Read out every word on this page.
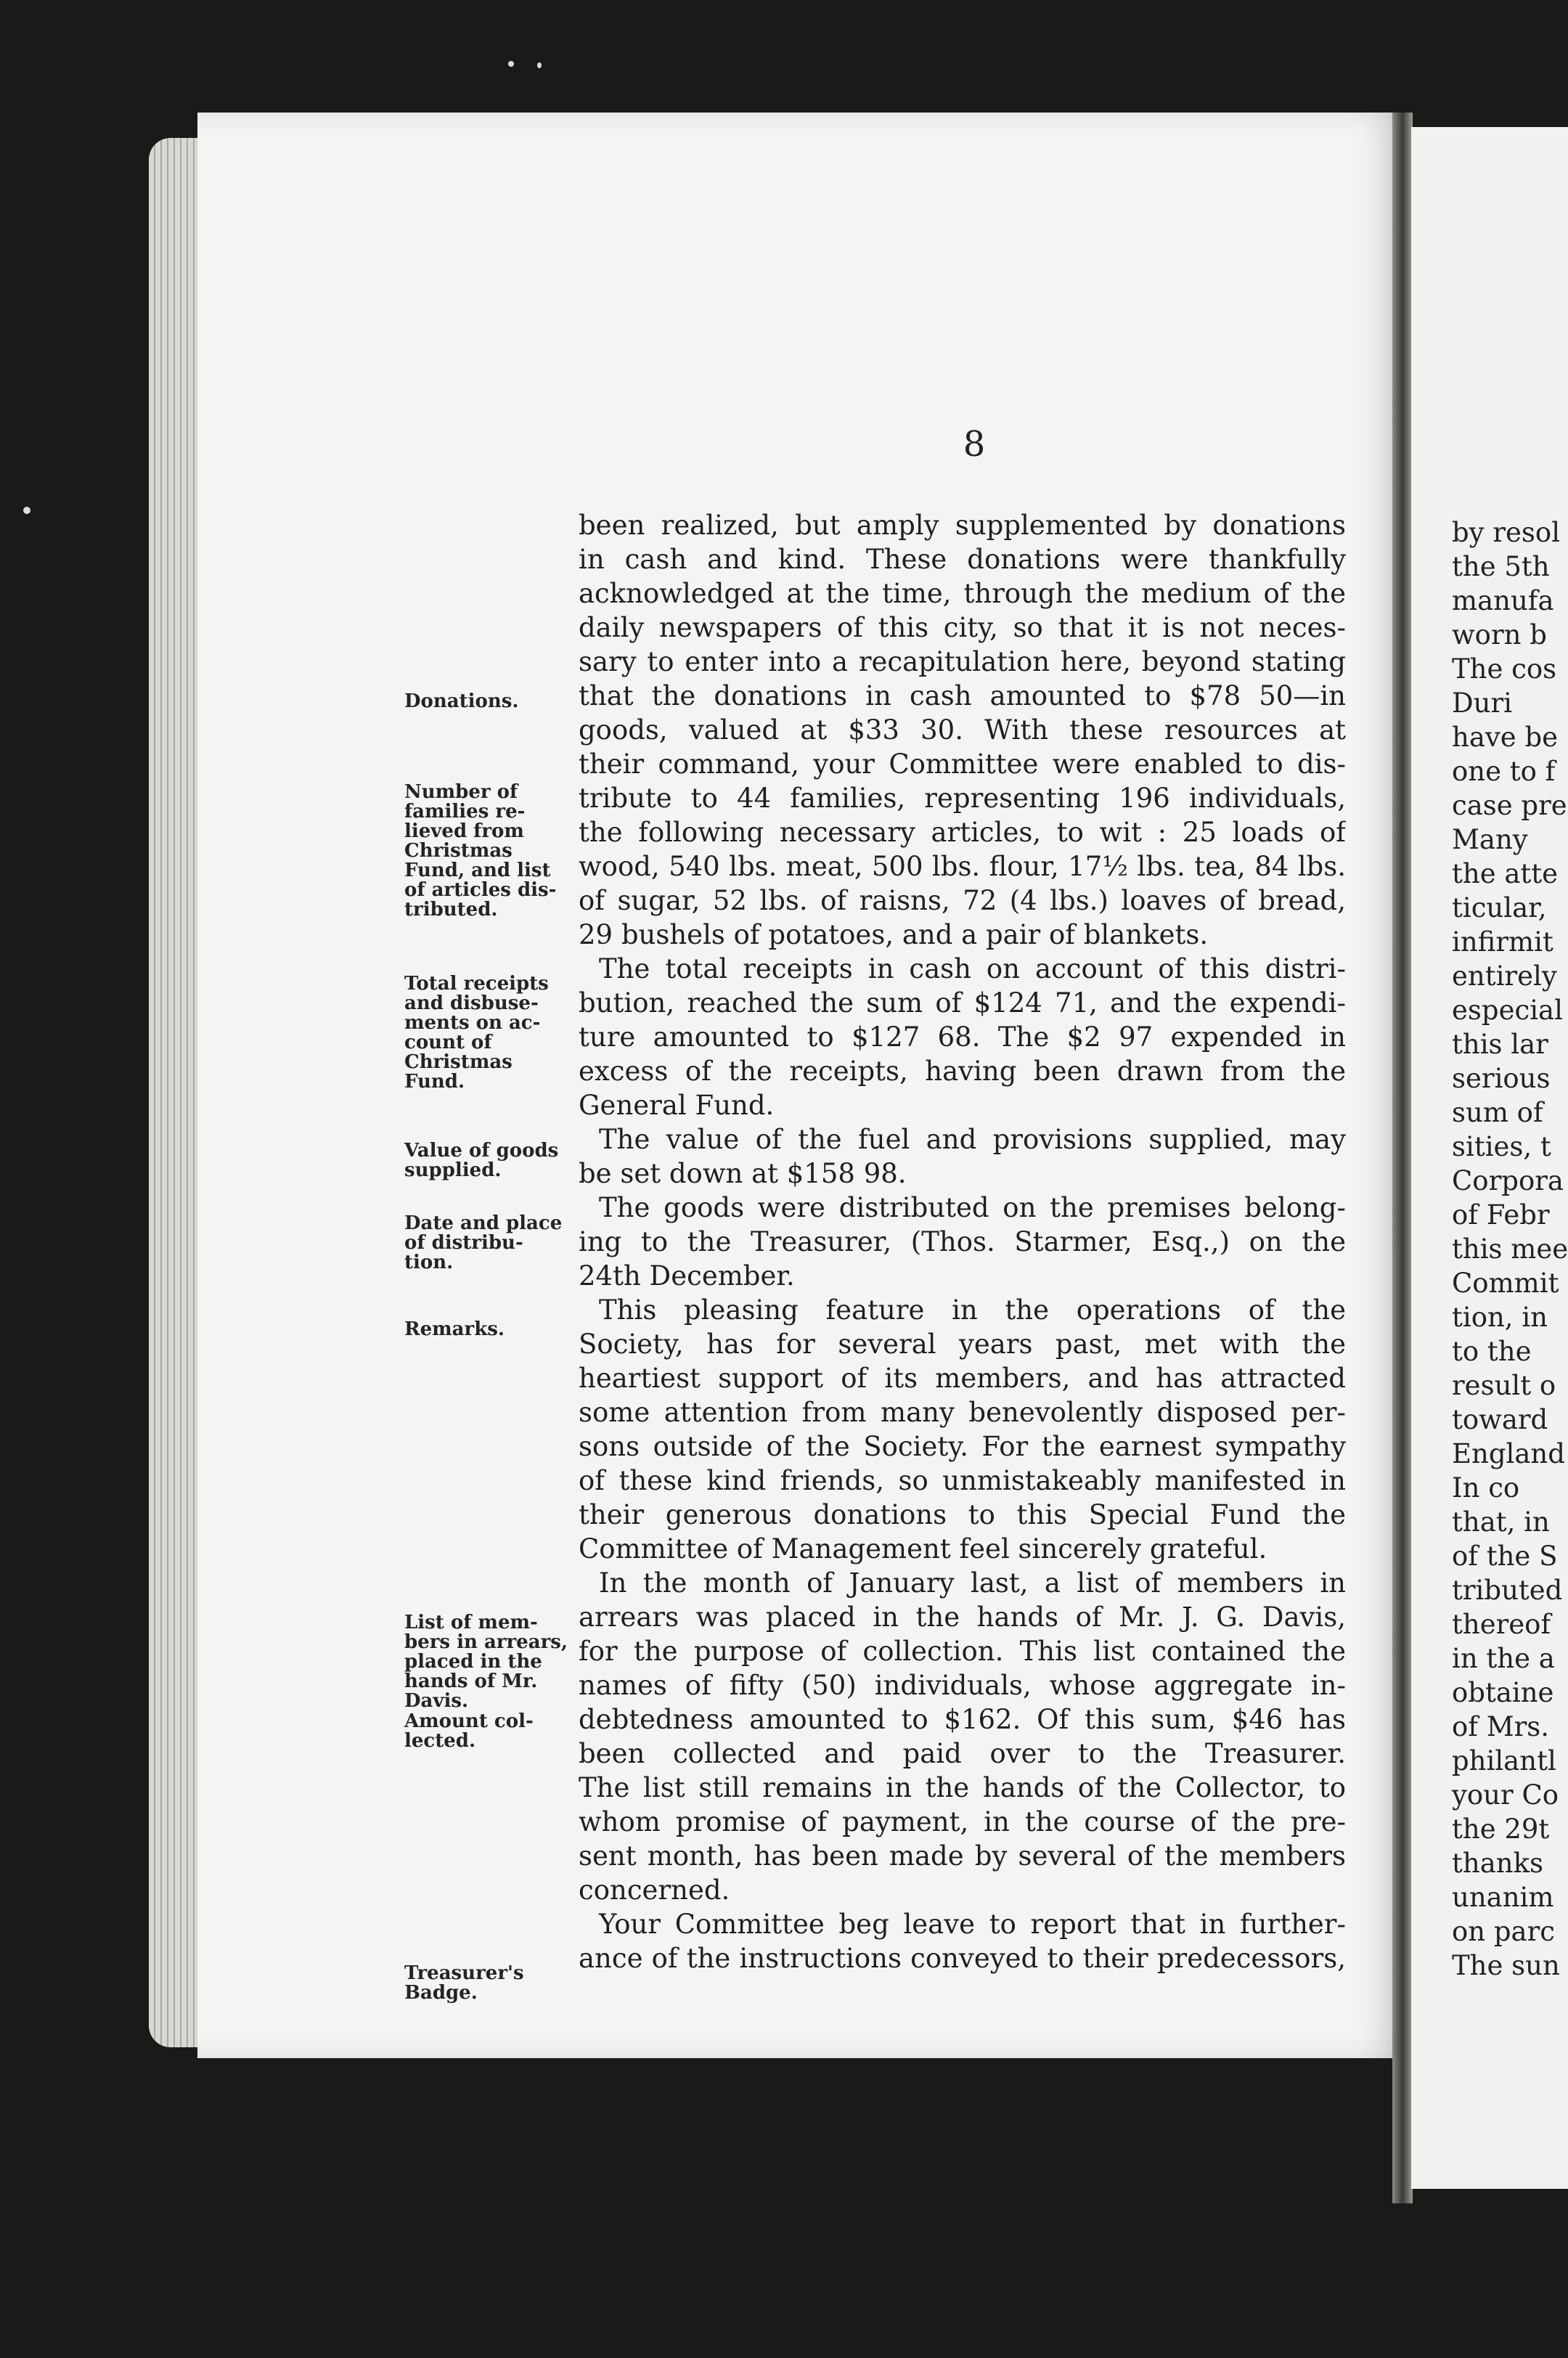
8
been realized, but amply supplemented by donations
in cash and kind. These donations were thankfully
acknowledged at the time, through the medium of the
daily newspapers of this city, so that it is not neces-
sary to enter into a recapitulation here, beyond stating
that the donations in cash amounted to $78 50—in
goods, valued at $33 30. With these resources at
their command, your Committee were enabled to dis-
tribute to 44 families, representing 196 individuals,
the following necessary articles, to wit : 25 loads of
wood, 540 lbs. meat, 500 lbs. flour, 17½ lbs. tea, 84 lbs.
of sugar, 52 lbs. of raisns, 72 (4 lbs.) loaves of bread,
29 bushels of potatoes, and a pair of blankets.
The total receipts in cash on account of this distri-
bution, reached the sum of $124 71, and the expendi-
ture amounted to $127 68. The $2 97 expended in
excess of the receipts, having been drawn from the
General Fund.
The value of the fuel and provisions supplied, may
be set down at $158 98.
The goods were distributed on the premises belong-
ing to the Treasurer, (Thos. Starmer, Esq.,) on the
24th December.
This pleasing feature in the operations of the
Society, has for several years past, met with the
heartiest support of its members, and has attracted
some attention from many benevolently disposed per-
sons outside of the Society. For the earnest sympathy
of these kind friends, so unmistakeably manifested in
their generous donations to this Special Fund the
Committee of Management feel sincerely grateful.
In the month of January last, a list of members in
arrears was placed in the hands of Mr. J. G. Davis,
for the purpose of collection. This list contained the
names of fifty (50) individuals, whose aggregate in-
debtedness amounted to $162. Of this sum, $46 has
been collected and paid over to the Treasurer.
The list still remains in the hands of the Collector, to
whom promise of payment, in the course of the pre-
sent month, has been made by several of the members
concerned.
Your Committee beg leave to report that in further-
ance of the instructions conveyed to their predecessors,
Donations.
Number of
families re-
lieved from
Christmas
Fund, and list
of articles dis-
tributed.
Total receipts
and disbuse-
ments on ac-
count of
Christmas
Fund.
Value of goods
supplied.
Date and place
of distribu-
tion.
Remarks.
List of mem-
bers in arrears,
placed in the
hands of Mr.
Davis.
Amount col-
lected.
Treasurer's
Badge.
by resol
the 5th
manufa
worn b
The cos
Duri
have be
one to f
case pre
Many
the atte
ticular,
infirmit
entirely
especial
this lar
serious
sum of
sities, t
Corpora
of Febr
this mee
Commit
tion, in
to the
result o
toward
England
In co
that, in
of the S
tributed
thereof
in the a
obtaine
of Mrs.
philantl
your Co
the 29t
thanks
unanim
on parc
The sun
